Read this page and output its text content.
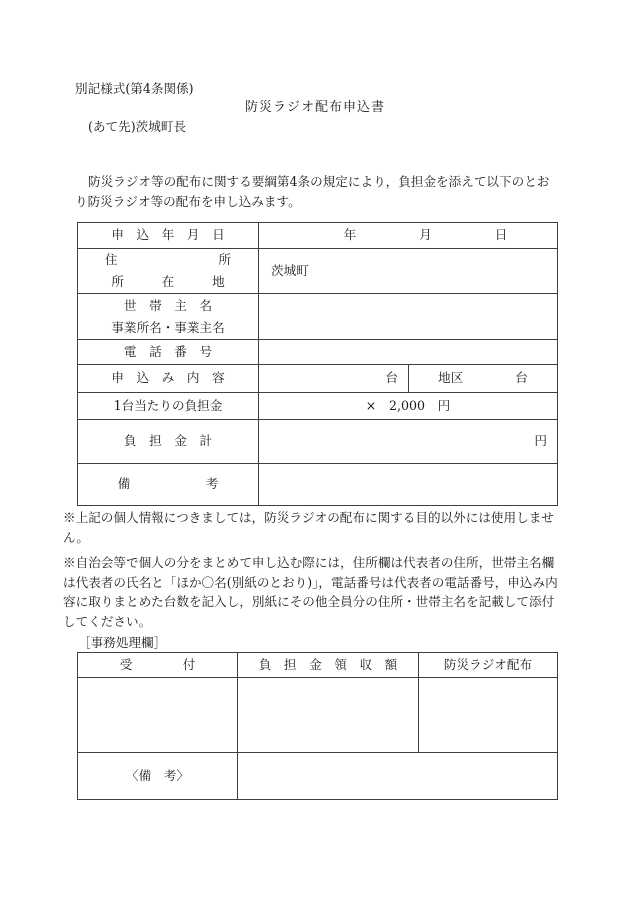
別記様式(第4条関係)
防災ラジオ配布申込書
(あて先)茨城町長
防災ラジオ等の配布に関する要綱第4条の規定により，負担金を添えて以下のとおり防災ラジオ等の配布を申し込みます。
申　込　年　月　日	年　　　　　月　　　　　日	

住　　　　　　　　所
所　　　在　　　地	茨城町	

世　帯　主　名
事業所名・事業主名		

電　話　番　号		
申　込　み　内　容	台	地区 台

1台当たりの負担金	×　2,000　円	
負　担　金　計	円	
備　　　　　　考		

※上記の個人情報につきましては，防災ラジオの配布に関する目的以外には使用しません。

※自治会等で個人の分をまとめて申し込む際には，住所欄は代表者の住所，世帯主名欄は代表者の氏名と「ほか〇名(別紙のとおり)」，電話番号は代表者の電話番号，申込み内容に取りまとめた台数を記入し，別紙にその他全員分の住所・世帯主名を記載して添付してください。

［事務処理欄］
受　　　　付	負　担　金　領　収　額	防災ラジオ配布

〈備　考〉		
